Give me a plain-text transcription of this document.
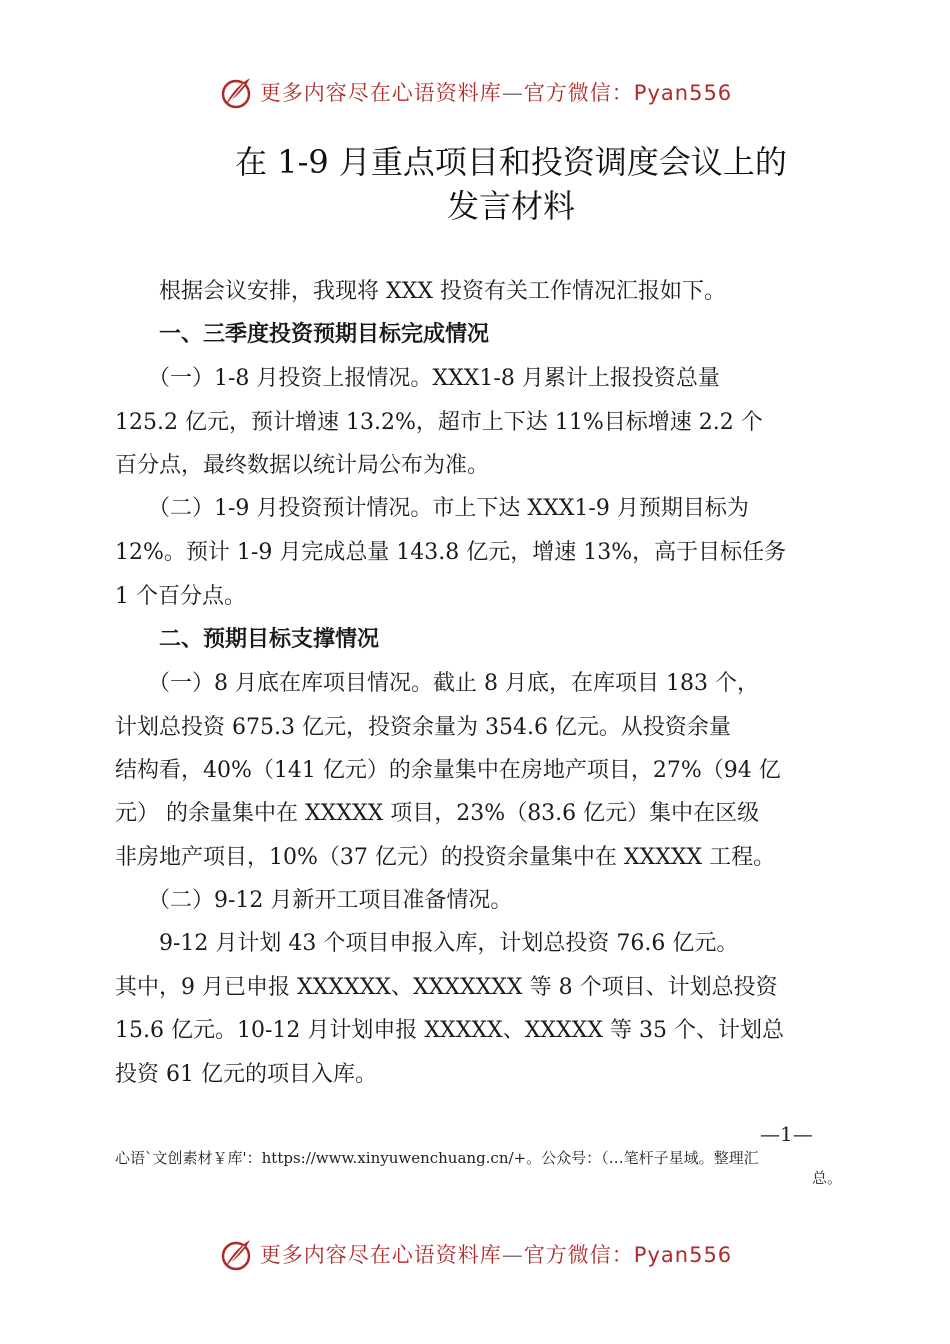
更多内容尽在心语资料库—官方微信：Pyan556
在 1-9 月重点项目和投资调度会议上的
发言材料
　　根据会议安排，我现将 XXX 投资有关工作情况汇报如下。
　　一、三季度投资预期目标完成情况
　　（一）1-8 月投资上报情况。XXX1-8 月累计上报投资总量
125.2 亿元，预计增速 13.2%，超市上下达 11%目标增速 2.2 个
百分点，最终数据以统计局公布为准。
　　（二）1-9 月投资预计情况。市上下达 XXX1-9 月预期目标为
12%。预计 1-9 月完成总量 143.8 亿元，增速 13%，高于目标任务
1 个百分点。
　　二、预期目标支撑情况
　　（一）8 月底在库项目情况。截止 8 月底，在库项目 183 个，
计划总投资 675.3 亿元，投资余量为 354.6 亿元。从投资余量
结构看，40%（141 亿元）的余量集中在房地产项目，27%（94 亿
元） 的余量集中在 XXXXX 项目，23%（83.6 亿元）集中在区级
非房地产项目，10%（37 亿元）的投资余量集中在 XXXXX 工程。
　　（二）9-12 月新开工项目准备情况。
　　9-12 月计划 43 个项目申报入库，计划总投资 76.6 亿元。
其中，9 月已申报 XXXXXX、XXXXXXX 等 8 个项目、计划总投资
15.6 亿元。10-12 月计划申报 XXXXX、XXXXX 等 35 个、计划总
投资 61 亿元的项目入库。
—1—
心语`文创素材￥库'：https://www.xinyuwenchuang.cn/+。公众号：（…笔杆子星域。整理汇
总。
更多内容尽在心语资料库—官方微信：Pyan556
